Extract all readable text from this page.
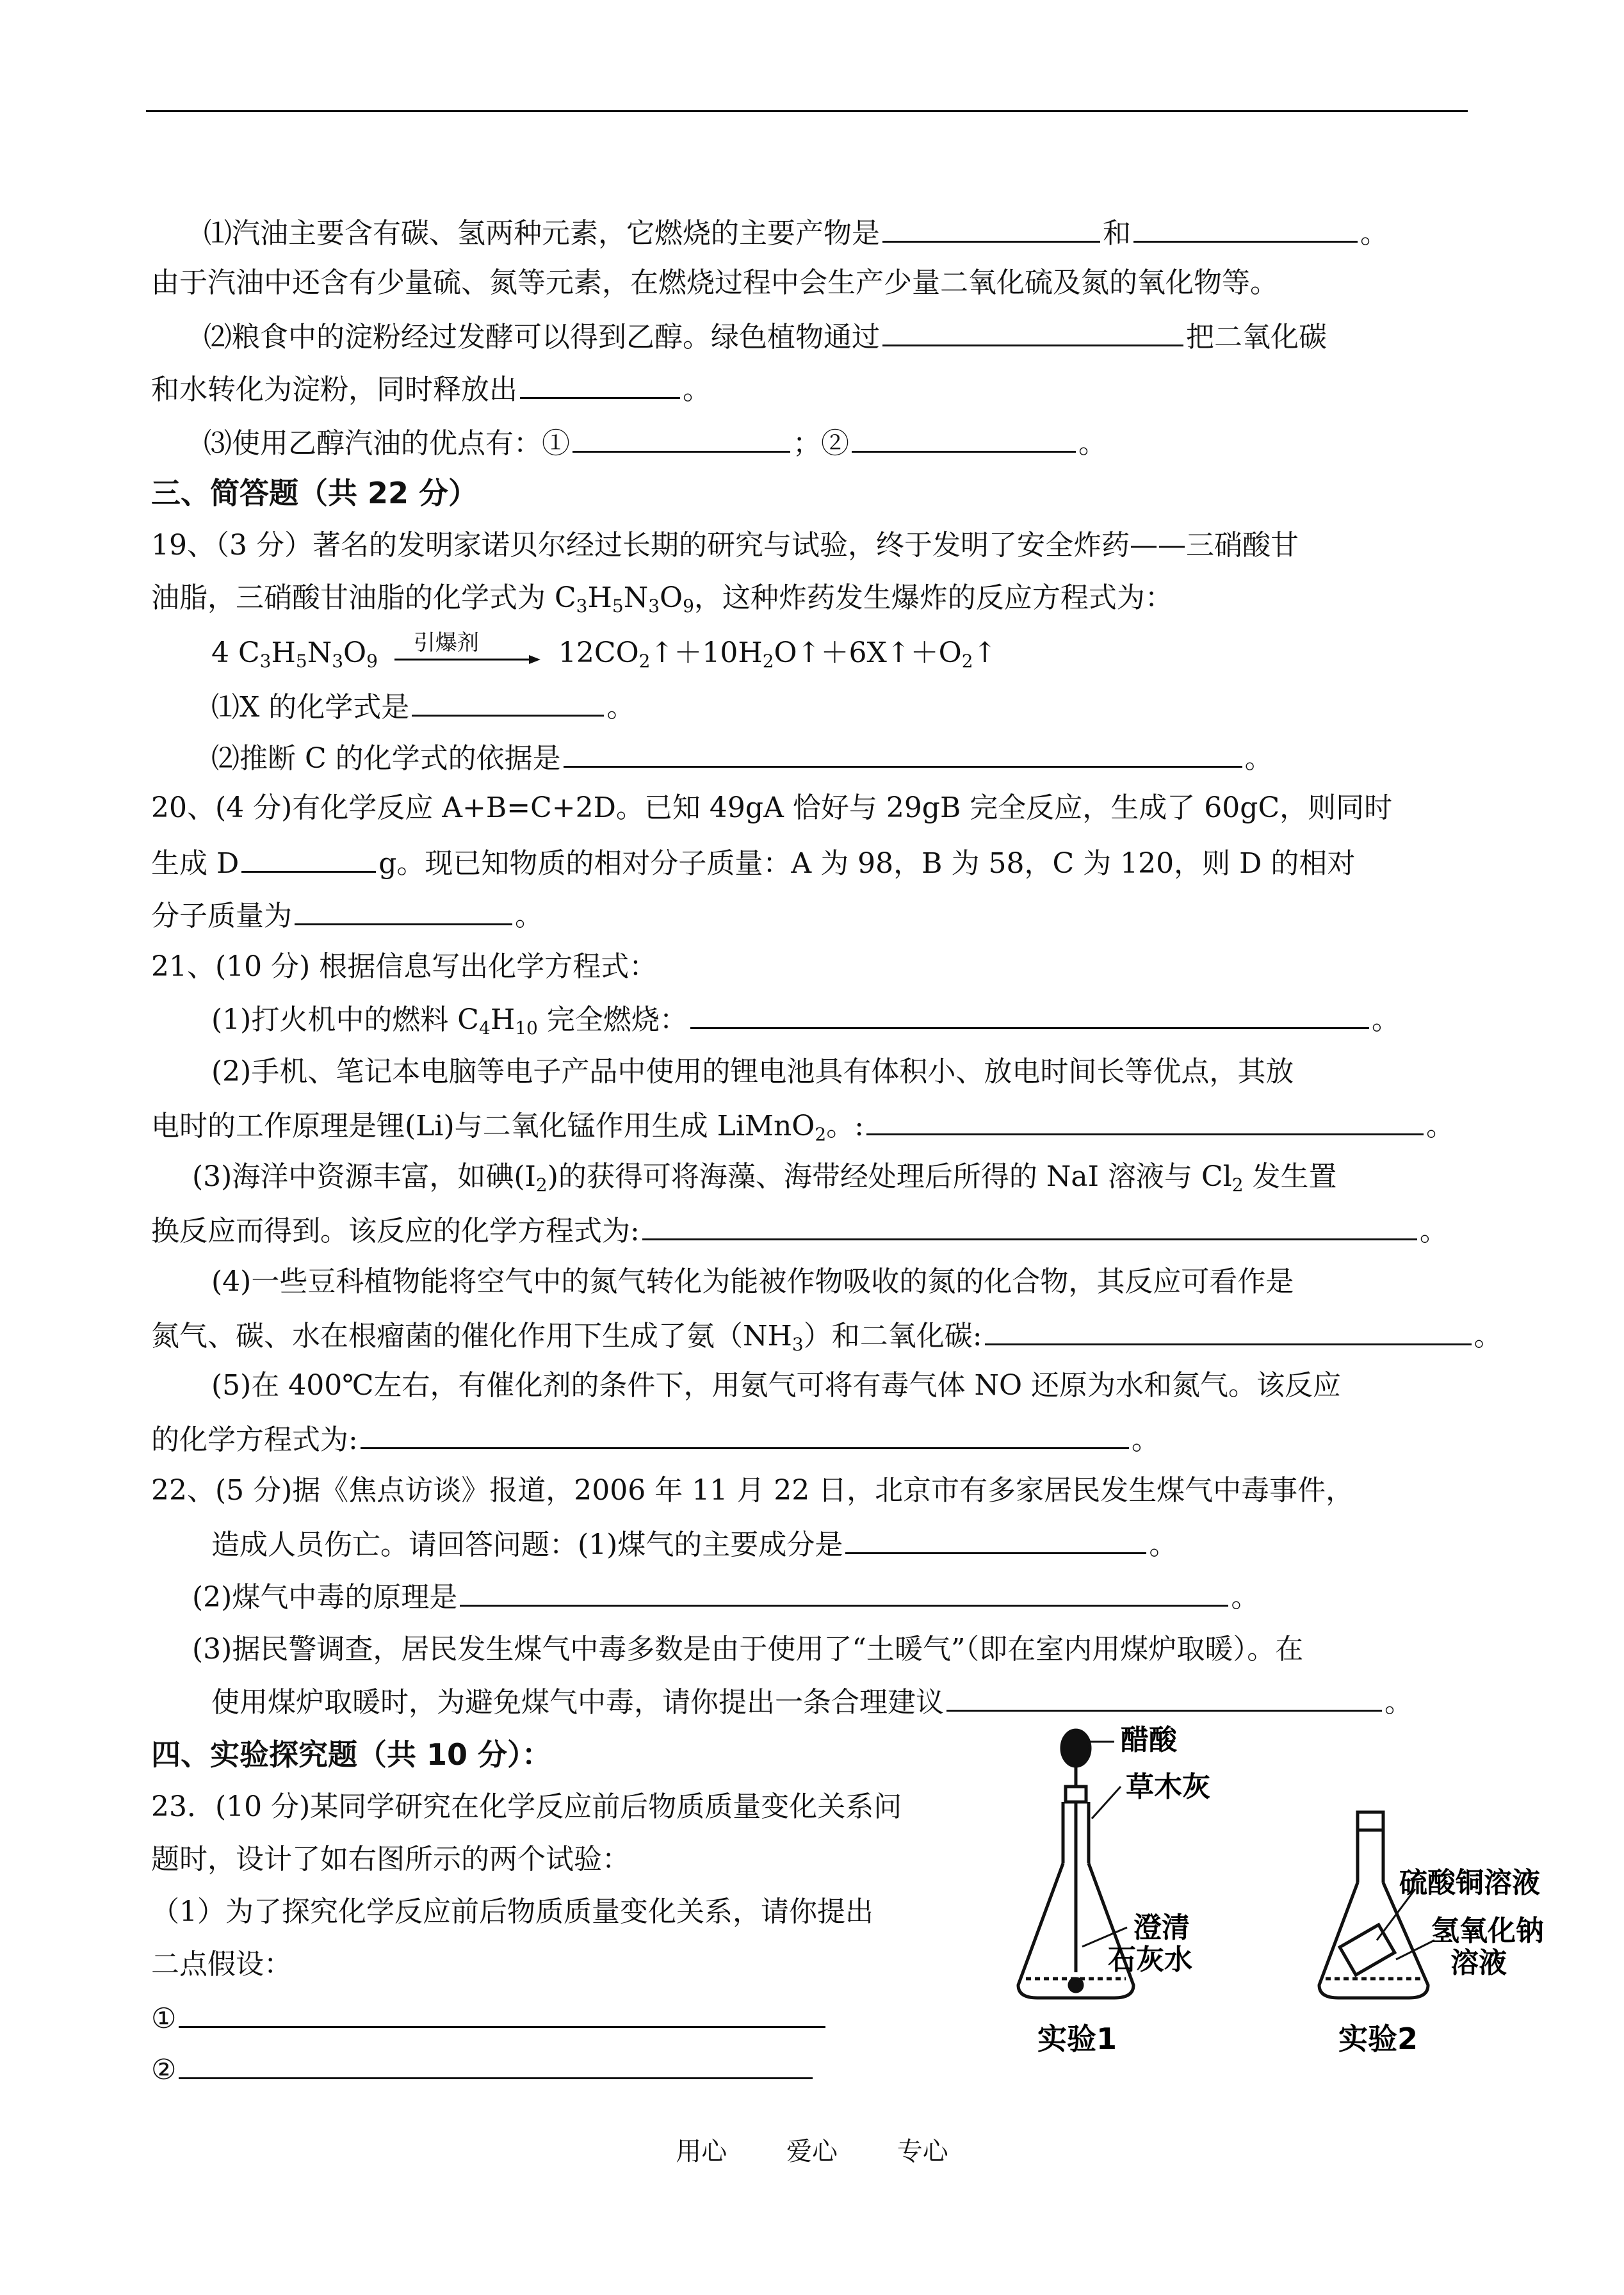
⑴汽油主要含有碳、氢两种元素，它燃烧的主要产物是	和	。
由于汽油中还含有少量硫、氮等元素，在燃烧过程中会生产少量二氧化硫及氮的氧化物等。
⑵粮食中的淀粉经过发酵可以得到乙醇。绿色植物通过	把二氧化碳
和水转化为淀粉，同时释放出	。
⑶使用乙醇汽油的优点有：①	；②	。
三、简答题（共 22 分）
19、（3 分）著名的发明家诺贝尔经过长期的研究与试验，终于发明了安全炸药——三硝酸甘
油脂，三硝酸甘油脂的化学式为 $C_3H_5N_3O_9$，这种炸药发生爆炸的反应方程式为：
4 $C_3H_5N_3O_9$
引爆剂	$12CO_2↑+10H_2O↑+6X↑+O_2↑$
⑴X 的化学式是	。
⑵推断 C 的化学式的依据是	。
20、(4 分)有化学反应 A+B=C+2D。已知 49gA 恰好与 29gB 完全反应，生成了 60gC，则同时
生成 D	g。现已知物质的相对分子质量：A 为 98，B 为 58，C 为 120，则 D 的相对
分子质量为	。
21、(10 分) 根据信息写出化学方程式：
(1)打火机中的燃料 $C_4H_{10}$ 完全燃烧：	。
(2)手机、笔记本电脑等电子产品中使用的锂电池具有体积小、放电时间长等优点，其放
电时的工作原理是锂(Li)与二氧化锰作用生成 LiMnO$_2$。:	。
(3)海洋中资源丰富，如碘$(I_2)$的获得可将海藻、海带经处理后所得的 NaI 溶液与 $Cl_2$ 发生置
换反应而得到。该反应的化学方程式为:	。
(4)一些豆科植物能将空气中的氮气转化为能被作物吸收的氮的化合物，其反应可看作是
氮气、碳、水在根瘤菌的催化作用下生成了氨$(NH_3)$和二氧化碳:	。
(5)在 400℃左右，有催化剂的条件下，用氨气可将有毒气体 NO 还原为水和氮气。该反应
的化学方程式为:	。
22、(5 分)据《焦点访谈》报道，2006 年 11 月 22 日，北京市有多家居民发生煤气中毒事件，
造成人员伤亡。请回答问题：(1)煤气的主要成分是	。
(2)煤气中毒的原理是	。
(3)据民警调查，居民发生煤气中毒多数是由于使用了“土暖气”（即在室内用煤炉取暖）。在
使用煤炉取暖时，为避免煤气中毒，请你提出一条合理建议	。
四、实验探究题（共 10 分）：
23．(10 分)某同学研究在化学反应前后物质质量变化关系问
题时，设计了如右图所示的两个试验：
（1）为了探究化学反应前后物质质量变化关系，请你提出
二点假设：
①
②
醋酸
草木灰
澄清
石灰水
实验1
硫酸铜溶液
氢氧化钠
溶液
实验2
用心 爱心 专心
